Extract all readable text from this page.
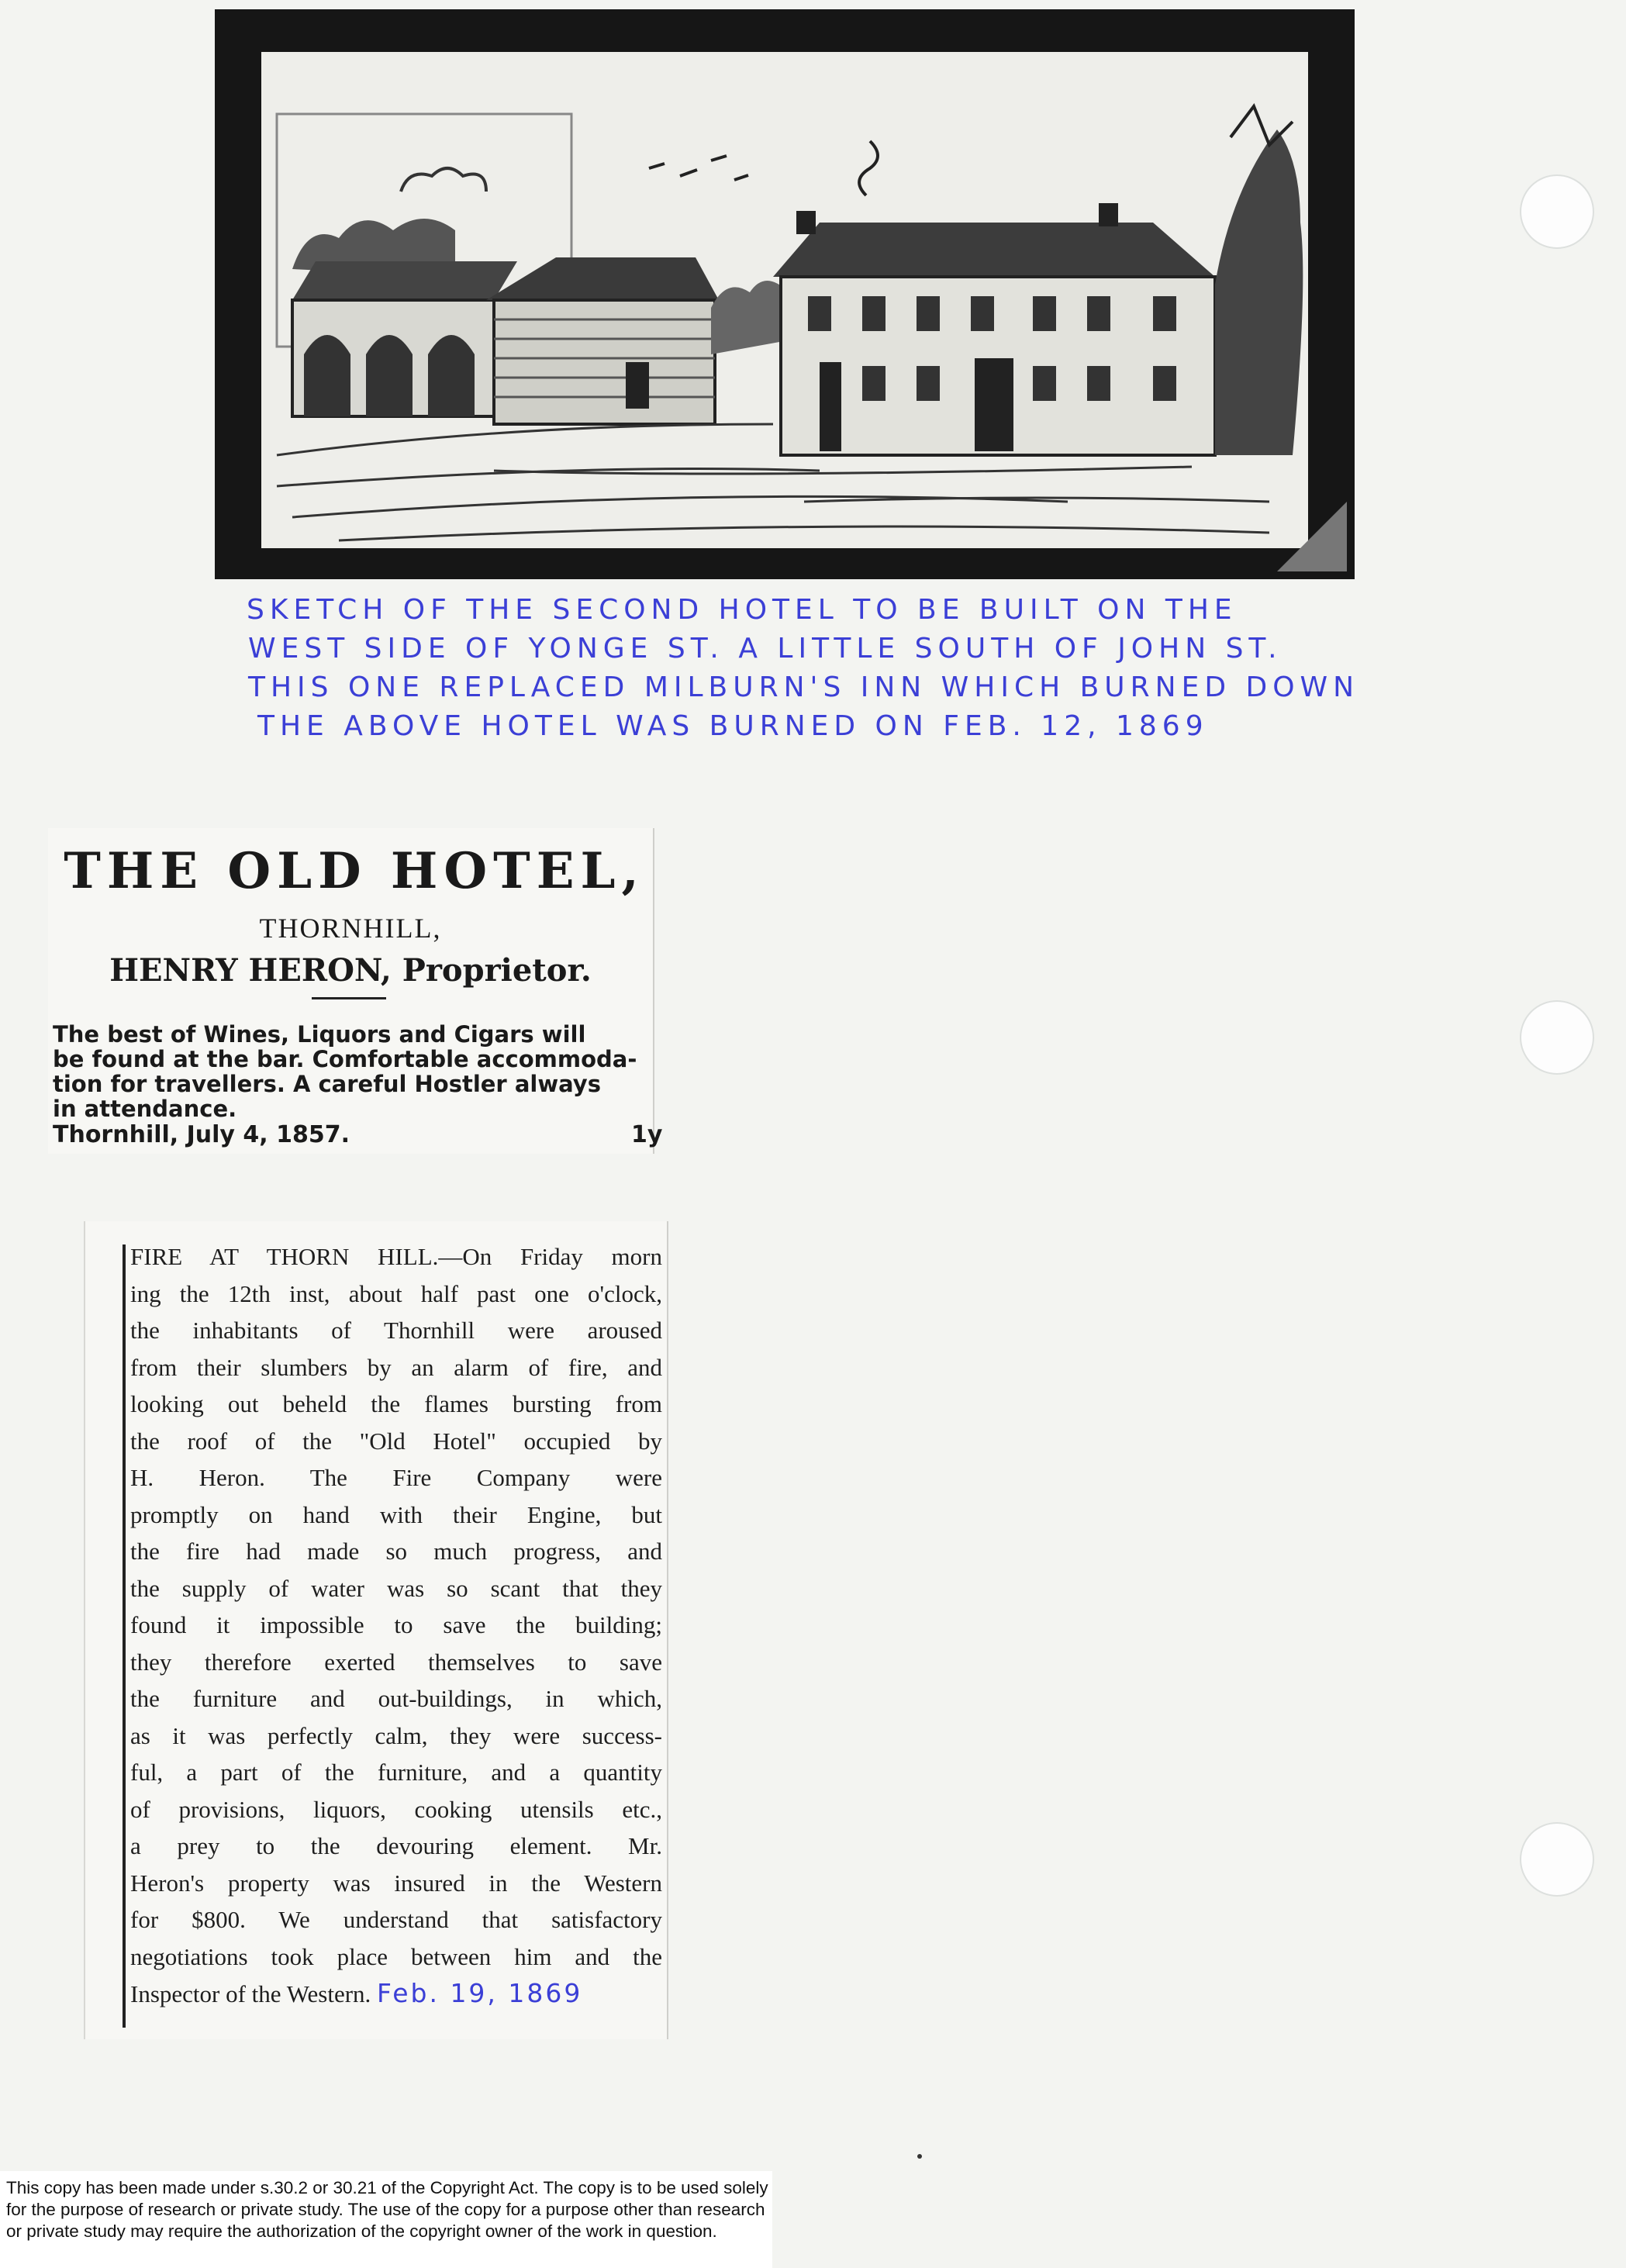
SKETCH OF THE SECOND HOTEL TO BE BUILT ON THE
WEST SIDE OF YONGE ST. A LITTLE SOUTH OF JOHN ST.
THIS ONE REPLACED MILBURN'S INN WHICH BURNED DOWN
THE ABOVE HOTEL WAS BURNED ON FEB. 12, 1869
THE OLD HOTEL,
THORNHILL,
HENRY HERON, Proprietor.
The best of Wines, Liquors and Cigars will
be found at the bar. Comfortable accommoda-
tion for travellers. A careful Hostler always
in attendance.
Thornhill, July 4, 1857.	1y
FIRE AT THORN HILL.—On Friday morn
ing the 12th inst, about half past one o'clock,
the inhabitants of Thornhill were aroused
from their slumbers by an alarm of fire, and
looking out beheld the flames bursting from
the roof of the "Old Hotel" occupied by
H. Heron. The Fire Company were
promptly on hand with their Engine, but
the fire had made so much progress, and
the supply of water was so scant that they
found it impossible to save the building;
they therefore exerted themselves to save
the furniture and out-buildings, in which,
as it was perfectly calm, they were success-
ful, a part of the furniture, and a quantity
of provisions, liquors, cooking utensils etc.,
a prey to the devouring element. Mr.
Heron's property was insured in the Western
for $800. We understand that satisfactory
negotiations took place between him and the
Inspector of the Western. Feb. 19, 1869
This copy has been made under s.30.2 or 30.21 of the Copyright Act. The copy is to be used solely
for the purpose of research or private study. The use of the copy for a purpose other than research
or private study may require the authorization of the copyright owner of the work in question.
